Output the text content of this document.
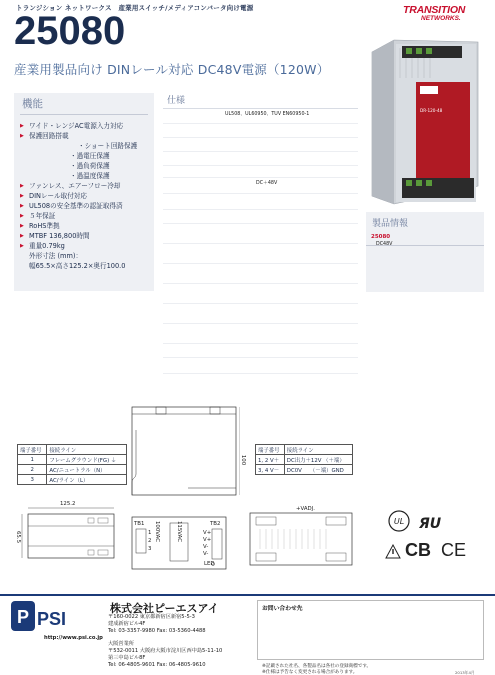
トランジション ネットワークス　産業用スイッチ/メディアコンバータ向け電源
25080	TRANSITION
NETWORKS.
産業用製品向け DINレール対応 DC48V電源（120W）
DR-120-48
機能
▶ ワイド・レンジAC電源入力対応
▶ 保護回路搭載
・ショート回路保護
・過電圧保護
・過負荷保護
・過温度保護
▶ ファンレス、エアーフロー冷却
▶ DINレール取付対応
▶ UL508の安全基準の認証取得済
▶ ５年保証
▶ RoHS準拠
▶ MTBF 136,800時間
▶ 重量0.79kg
外形寸法 (mm)：
幅65.5×高さ125.2×奥行100.0
仕様
UL508、UL60950、TUV EN60950-1
DC＋48V
製品情報
25080
DC48V
100
端子番号	接続ライン
1	フレームグラウンド(FG) ⏚
2	AC/ニュートラル（N）
3	AC/ライン（L）
端子番号	接続ライン
1, 2 V＋	DC出力＋12V （＋端）
3, 4 V－	DC0V　　（－端）GND
125.2
65.5
TB1	TB2
100VAC	115VAC
LED
1
2
3
V+
V+
V-
V-
+VADJ.
UL ЯU
CB CE
P PSI
http://www.psi.co.jp
株式会社ピーエスアイ
〒160-0022 東京都新宿区新宿5-5-3
建成新宿ビル4F
Tel: 03-3357-9980 Fax: 03-5360-4488
大阪営業所
〒532-0011 大阪府大阪市淀川区西中島5-11-10
第三中島ビル8F
Tel: 06-4805-9601 Fax: 06-4805-9610
お問い合わせ先
※記載された社名、各製品名は各社の登録商標です。
※仕様は予告なく変更される場合があります。	2013年4月
